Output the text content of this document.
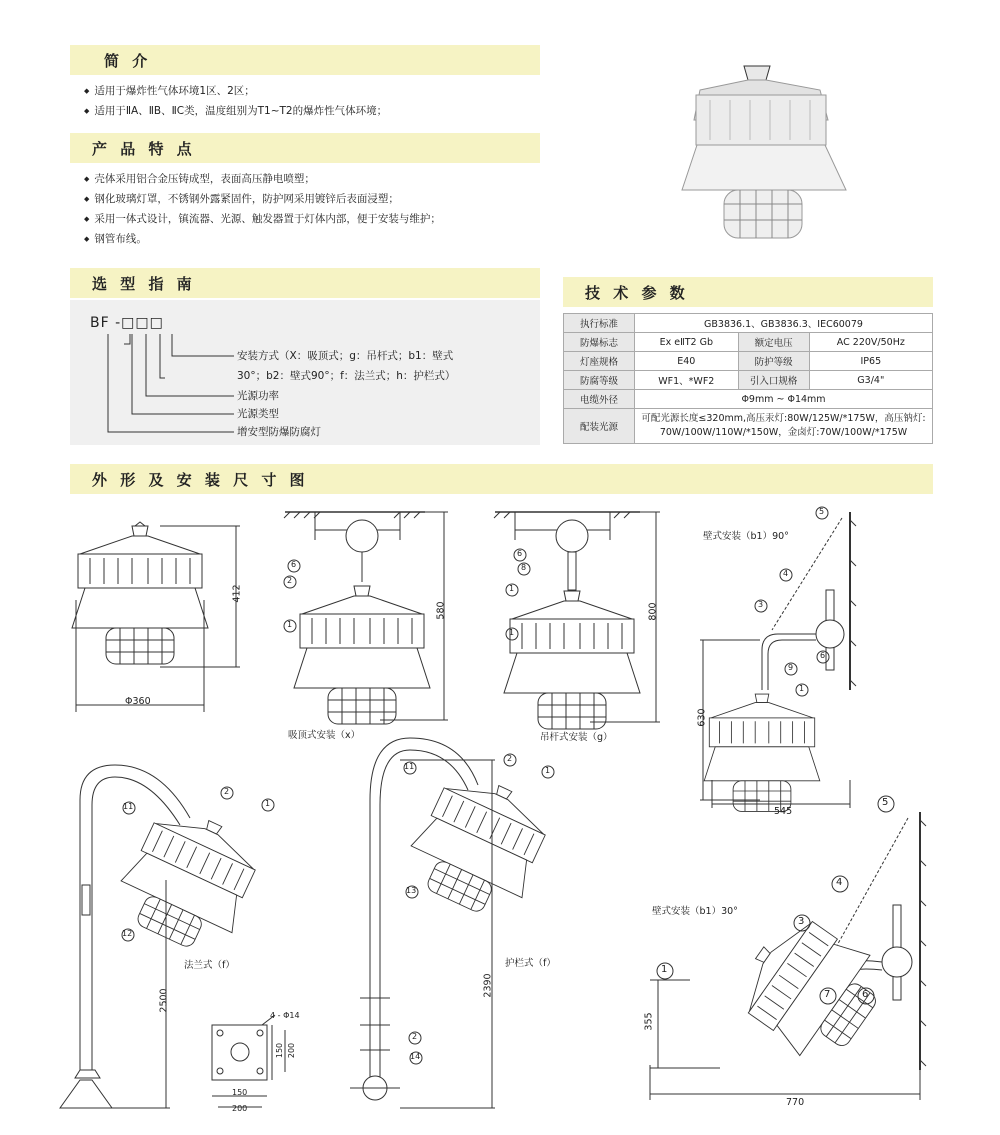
简 介
产 品 特 点
选 型 指 南	技 术 参 数
外 形 及 安 装 尺 寸 图
◆ 适用于爆炸性气体环境1区、2区；
◆ 适用于ⅡA、ⅡB、ⅡC类，温度组别为T1~T2的爆炸性气体环境；
◆ 壳体采用铝合金压铸成型，表面高压静电喷塑；
◆ 钢化玻璃灯罩，不锈钢外露紧固件，防护网采用镀锌后表面浸塑；
◆ 采用一体式设计，镇流器、光源、触发器置于灯体内部，便于安装与维护；
◆ 钢管布线。
BF -□□□
安装方式（X：吸顶式；g：吊杆式；b1：壁式
30°；b2：壁式90°；f：法兰式；h：护栏式）
光源功率
光源类型
增安型防爆防腐灯
执行标准	GB3836.1、GB3836.3、IEC60079		
防爆标志	Ex eⅡT2 Gb	额定电压	AC 220V/50Hz
灯座规格	E40	防护等级	IP65
防腐等级	WF1、*WF2	引入口规格	G3/4"
电缆外径	Φ9mm ~ Φ14mm		
配装光源	可配光源长度≤320mm,高压汞灯:80W/125W/*175W，高压钠灯:
70W/100W/110W/*150W，金卤灯:70W/100W/*175W		
412
Φ360
580	800
630
545
2500
2390
355
770
4 - Φ14
150 200
150
200
吸顶式安装（x）	吊杆式安装（g）
壁式安装（b1）90°
法兰式（f）	护栏式（f）
壁式安装（b1）30°
6
2
1
6
8
1
1
5
4
3
9
1
6
2
1
11
12
11
2
1
13
2
14
5
4
3
1
7	6
